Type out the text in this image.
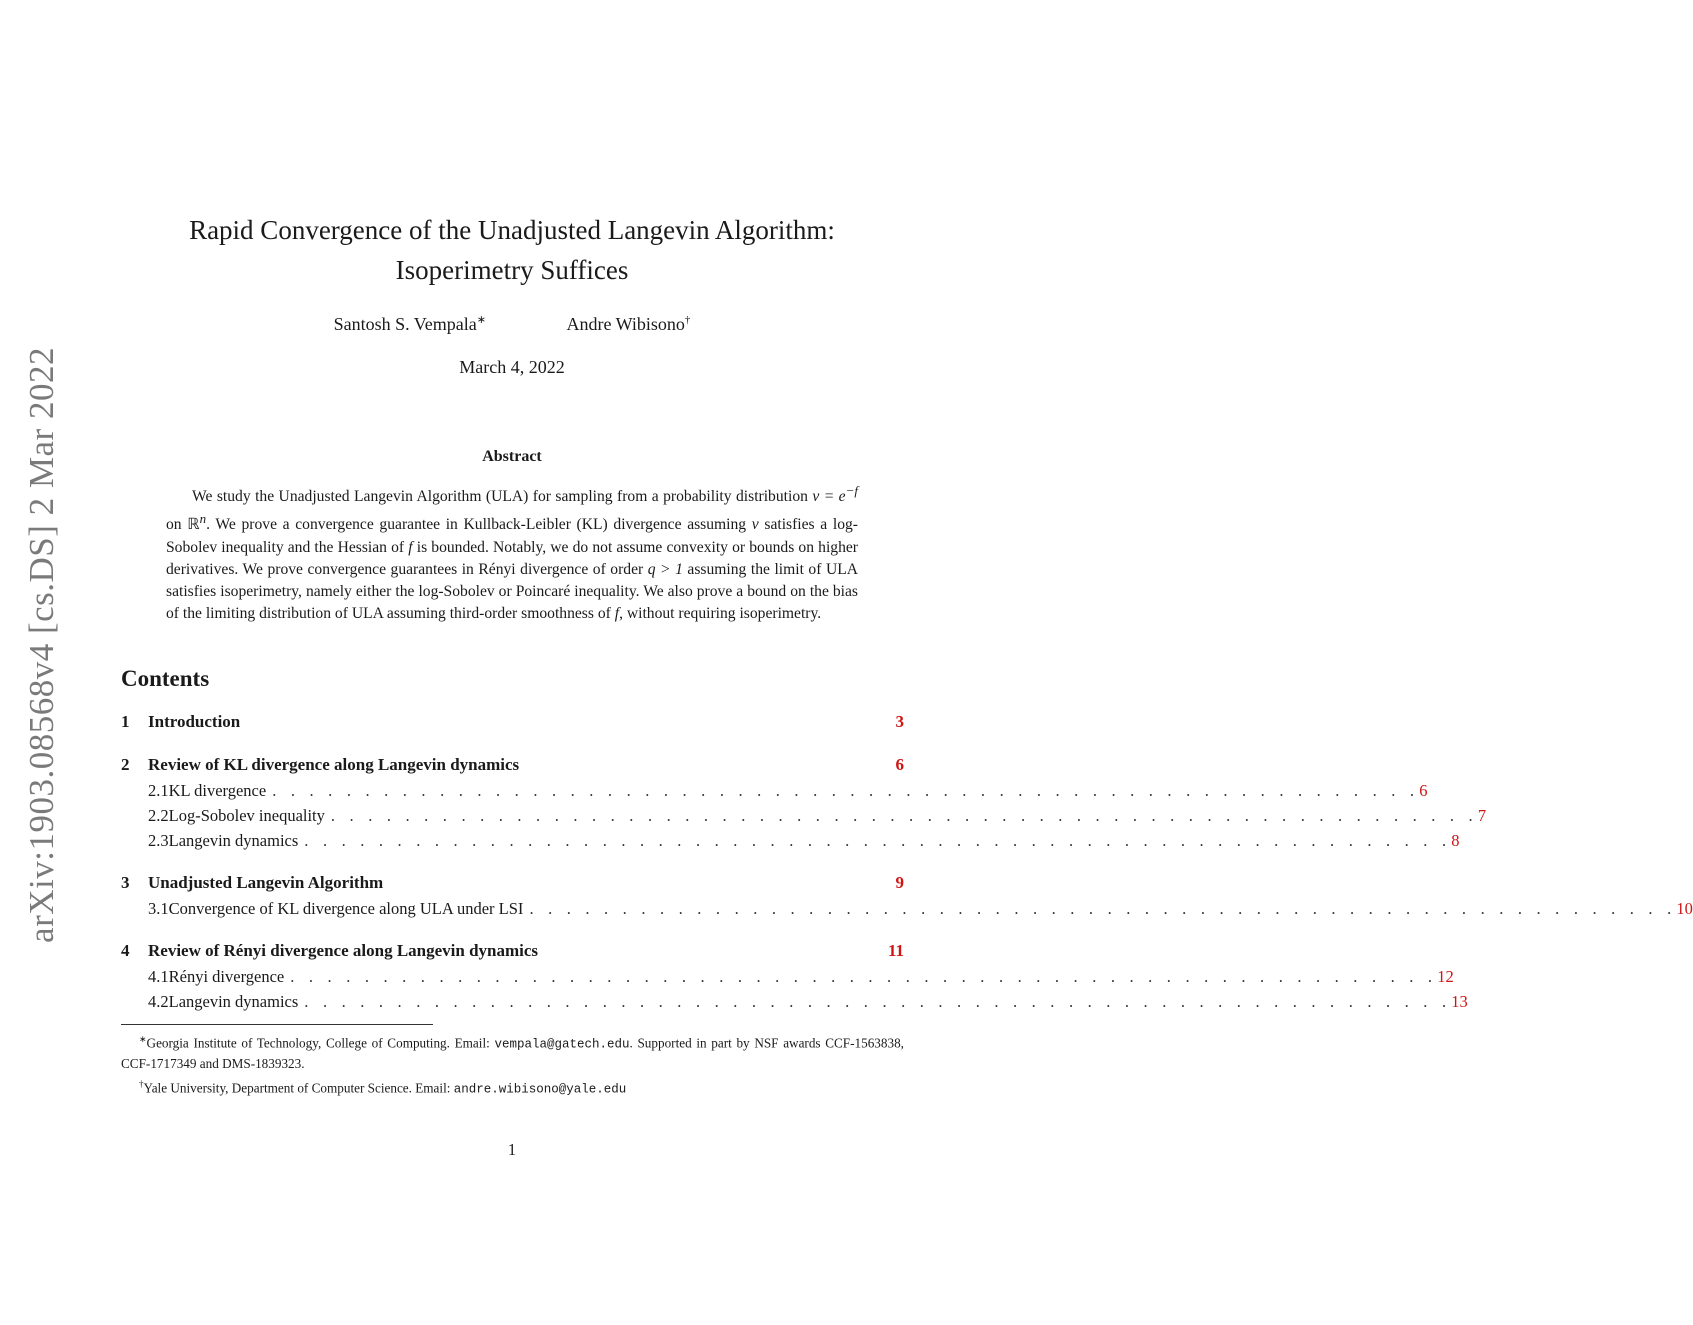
arXiv:1903.08568v4 [cs.DS] 2 Mar 2022
Rapid Convergence of the Unadjusted Langevin Algorithm:
Isoperimetry Suffices
Santosh S. Vempala∗	Andre Wibisono†
March 4, 2022
Abstract
We study the Unadjusted Langevin Algorithm (ULA) for sampling from a probability distribution $\nu = e^{-f}$ on ℝ$^n$. We prove a convergence guarantee in Kullback-Leibler (KL) divergence assuming ν satisfies a log-Sobolev inequality and the Hessian of f is bounded. Notably, we do not assume convexity or bounds on higher derivatives. We prove convergence guarantees in Rényi divergence of order q > 1 assuming the limit of ULA satisfies isoperimetry, namely either the log-Sobolev or Poincaré inequality. We also prove a bound on the bias of the limiting distribution of ULA assuming third-order smoothness of f, without requiring isoperimetry.
Contents
1	Introduction	3
2	Review of KL divergence along Langevin dynamics	6
2.1 KL divergence . . . . . . . . . . . . . . . . . . . . . . . . . . . . . . . . . . . . . . . . . . . . . . . . . . . . . . . . . . . . . . 6
2.2 Log-Sobolev inequality . . . . . . . . . . . . . . . . . . . . . . . . . . . . . . . . . . . . . . . . . . . . . . . . . . . . . . . . . . . . . . 7
2.3 Langevin dynamics . . . . . . . . . . . . . . . . . . . . . . . . . . . . . . . . . . . . . . . . . . . . . . . . . . . . . . . . . . . . . . 8
3	Unadjusted Langevin Algorithm	9
3.1 Convergence of KL divergence along ULA under LSI . . . . . . . . . . . . . . . . . . . . . . . . . . . . . . . . . . . . . . . . . . . . . . . . . . . . . . . . . . . . . . 10
4	Review of Rényi divergence along Langevin dynamics	11
4.1 Rényi divergence . . . . . . . . . . . . . . . . . . . . . . . . . . . . . . . . . . . . . . . . . . . . . . . . . . . . . . . . . . . . . . 12
4.2 Langevin dynamics . . . . . . . . . . . . . . . . . . . . . . . . . . . . . . . . . . . . . . . . . . . . . . . . . . . . . . . . . . . . . . 13

∗Georgia Institute of Technology, College of Computing. Email: vempala@gatech.edu. Supported in part by NSF awards CCF-1563838, CCF-1717349 and DMS-1839323.

†Yale University, Department of Computer Science. Email: andre.wibisono@yale.edu

1
